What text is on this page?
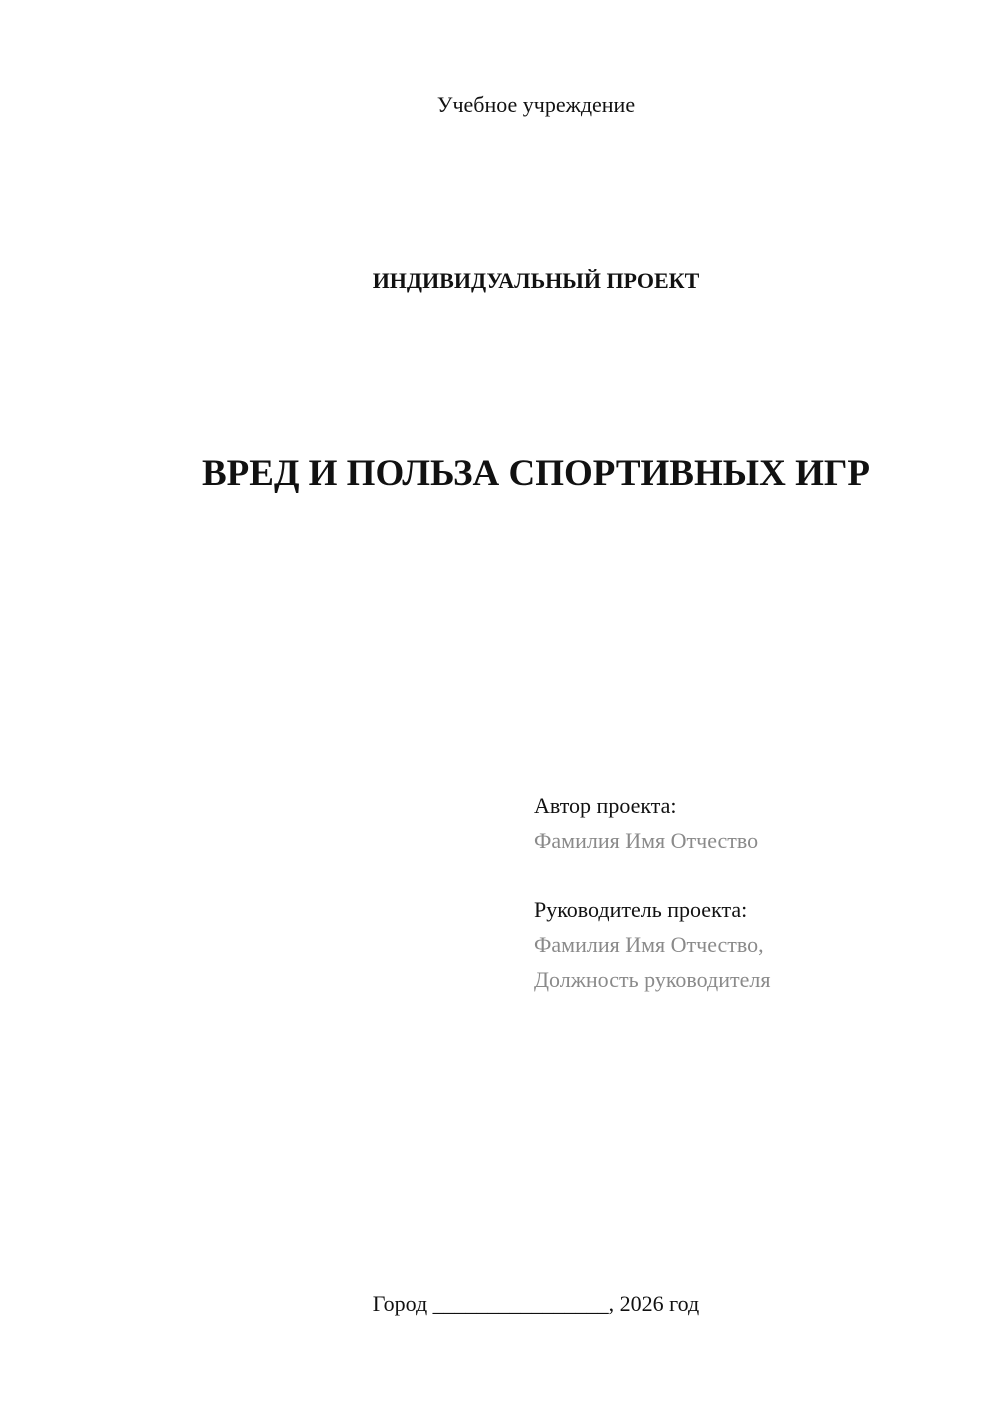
Учебное учреждение
ИНДИВИДУАЛЬНЫЙ ПРОЕКТ
ВРЕД И ПОЛЬЗА СПОРТИВНЫХ ИГР
Автор проекта:
Фамилия Имя Отчество
Руководитель проекта:
Фамилия Имя Отчество,
Должность руководителя
Город ________________, 2026 год
